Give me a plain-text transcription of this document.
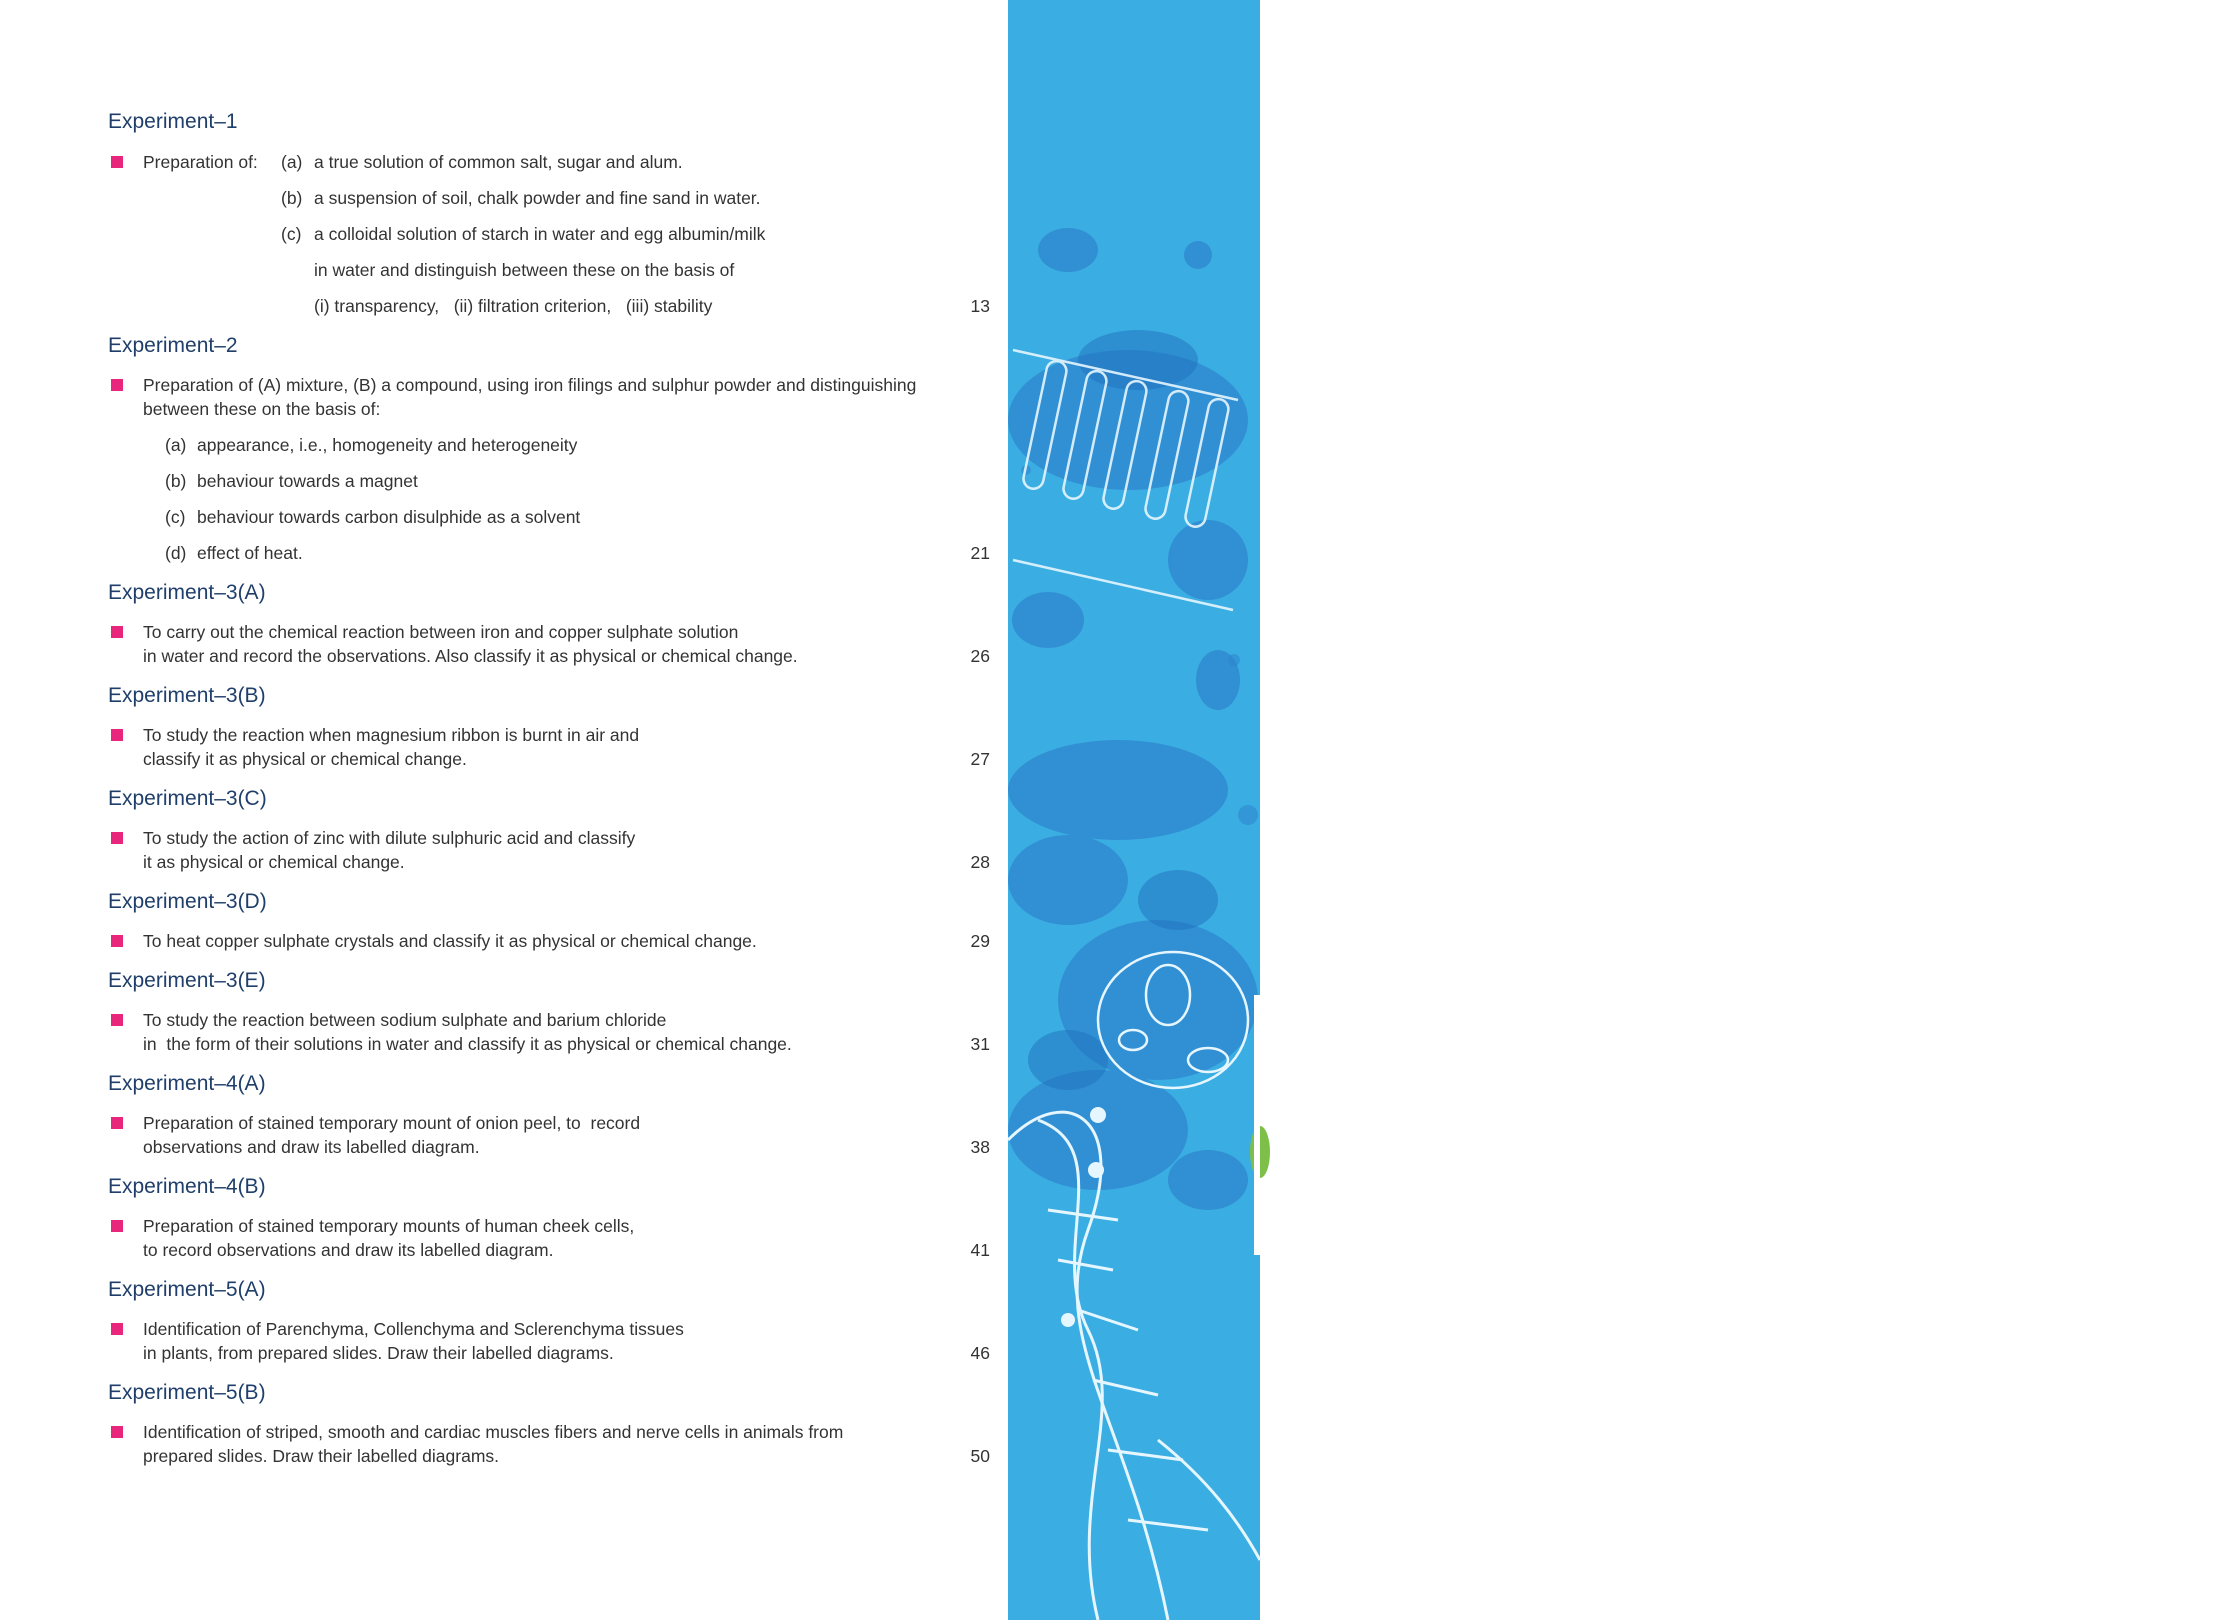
CONTENTS
Experiment–1
Preparation of: (a) a true solution of common salt, sugar and alum.
(b) a suspension of soil, chalk powder and fine sand in water.
(c) a colloidal solution of starch in water and egg albumin/milk
in water and distinguish between these on the basis of
(i) transparency,   (ii) filtration criterion,   (iii) stability	13
Experiment–2
Preparation of (A) mixture, (B) a compound, using iron filings and sulphur powder and distinguishing
between these on the basis of:
(a) appearance, i.e., homogeneity and heterogeneity
(b) behaviour towards a magnet
(c) behaviour towards carbon disulphide as a solvent
(d) effect of heat.	21
Experiment–3(A)
To carry out the chemical reaction between iron and copper sulphate solution
in water and record the observations. Also classify it as physical or chemical change.	26
Experiment–3(B)
To study the reaction when magnesium ribbon is burnt in air and
classify it as physical or chemical change.	27
Experiment–3(C)
To study the action of zinc with dilute sulphuric acid and classify
it as physical or chemical change.	28
Experiment–3(D)
To heat copper sulphate crystals and classify it as physical or chemical change.	29
Experiment–3(E)
To study the reaction between sodium sulphate and barium chloride
in  the form of their solutions in water and classify it as physical or chemical change.	31
Experiment–4(A)
Preparation of stained temporary mount of onion peel, to  record
observations and draw its labelled diagram.	38
Experiment–4(B)
Preparation of stained temporary mounts of human cheek cells,
to record observations and draw its labelled diagram.	41
Experiment–5(A)
Identification of Parenchyma, Collenchyma and Sclerenchyma tissues
in plants, from prepared slides. Draw their labelled diagrams.	46
Experiment–5(B)
Identification of striped, smooth and cardiac muscles fibers and nerve cells in animals from
prepared slides. Draw their labelled diagrams.	50
